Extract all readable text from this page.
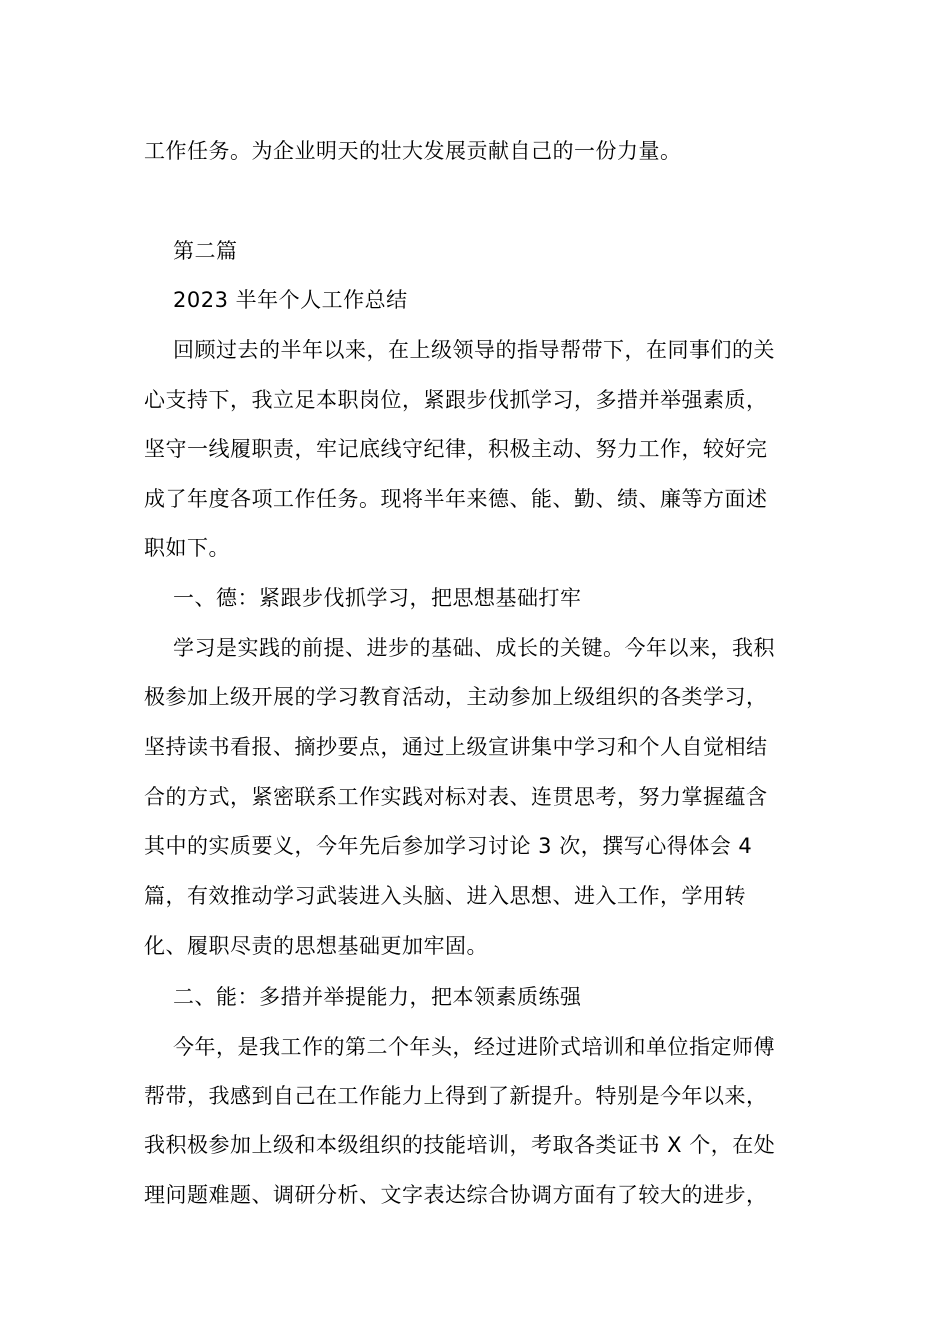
工作任务。为企业明天的壮大发展贡献自己的一份力量。
第二篇
2023 半年个人工作总结
回顾过去的半年以来，在上级领导的指导帮带下，在同事们的关
心支持下，我立足本职岗位，紧跟步伐抓学习，多措并举强素质，
坚守一线履职责，牢记底线守纪律，积极主动、努力工作，较好完
成了年度各项工作任务。现将半年来德、能、勤、绩、廉等方面述
职如下。
一、德：紧跟步伐抓学习，把思想基础打牢
学习是实践的前提、进步的基础、成长的关键。今年以来，我积
极参加上级开展的学习教育活动，主动参加上级组织的各类学习，
坚持读书看报、摘抄要点，通过上级宣讲集中学习和个人自觉相结
合的方式，紧密联系工作实践对标对表、连贯思考，努力掌握蕴含
其中的实质要义，今年先后参加学习讨论 3 次，撰写心得体会 4
篇，有效推动学习武装进入头脑、进入思想、进入工作，学用转
化、履职尽责的思想基础更加牢固。
二、能：多措并举提能力，把本领素质练强
今年，是我工作的第二个年头，经过进阶式培训和单位指定师傅
帮带，我感到自己在工作能力上得到了新提升。特别是今年以来，
我积极参加上级和本级组织的技能培训，考取各类证书 X 个，在处
理问题难题、调研分析、文字表达综合协调方面有了较大的进步，
